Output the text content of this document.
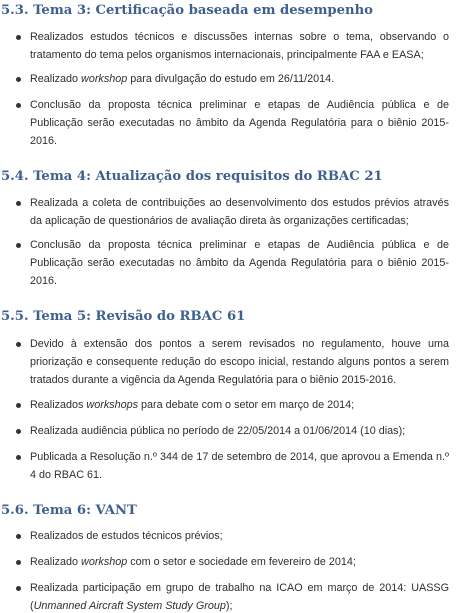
5.3. Tema 3: Certificação baseada em desempenho
Realizados estudos técnicos e discussões internas sobre o tema, observando o tratamento do tema pelos organismos internacionais, principalmente FAA e EASA;
Realizado workshop para divulgação do estudo em 26/11/2014.
Conclusão da proposta técnica preliminar e etapas de Audiência pública e de Publicação serão executadas no âmbito da Agenda Regulatória para o biênio 2015-2016.
5.4. Tema 4: Atualização dos requisitos do RBAC 21
Realizada a coleta de contribuições ao desenvolvimento dos estudos prévios através da aplicação de questionários de avaliação direta às organizações certificadas;
Conclusão da proposta técnica preliminar e etapas de Audiência pública e de Publicação serão executadas no âmbito da Agenda Regulatória para o biênio 2015-2016.
5.5. Tema 5: Revisão do RBAC 61
Devido à extensão dos pontos a serem revisados no regulamento, houve uma priorização e consequente redução do escopo inicial, restando alguns pontos a serem tratados durante a vigência da Agenda Regulatória para o biênio 2015-2016.
Realizados workshops para debate com o setor em março de 2014;
Realizada audiência pública no período de 22/05/2014 a 01/06/2014 (10 dias);
Publicada a Resolução n.º 344 de 17 de setembro de 2014, que aprovou a Emenda n.º 4 do RBAC 61.
5.6. Tema 6: VANT
Realizados de estudos técnicos prévios;
Realizado workshop com o setor e sociedade em fevereiro de 2014;
Realizada participação em grupo de trabalho na ICAO em março de 2014: UASSG (Unmanned Aircraft System Study Group);
